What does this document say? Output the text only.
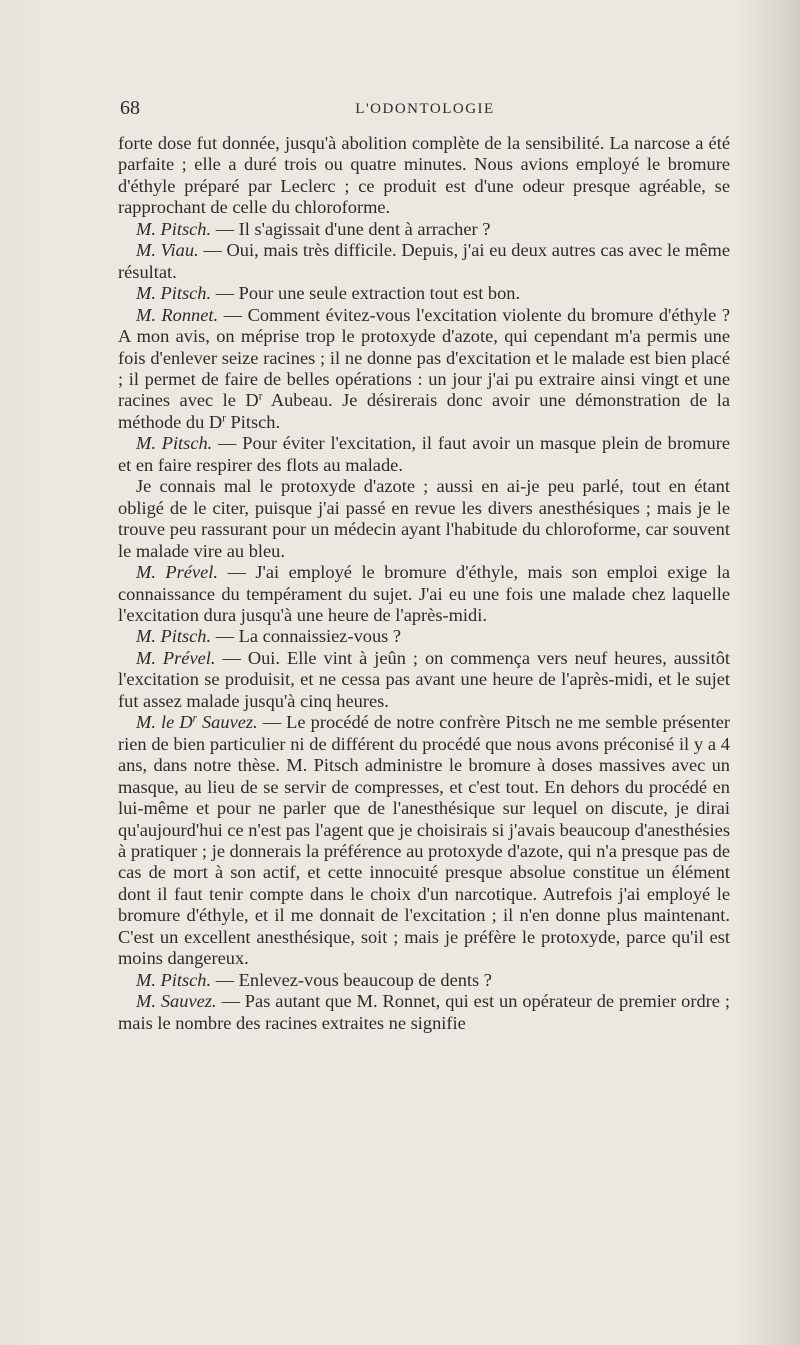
68	L'ODONTOLOGIE

forte dose fut donnée, jusqu'à abolition complète de la sensibilité. La narcose a été parfaite ; elle a duré trois ou quatre minutes. Nous avions employé le bromure d'éthyle préparé par Leclerc ; ce produit est d'une odeur presque agréable, se rapprochant de celle du chloroforme.

M. Pitsch. — Il s'agissait d'une dent à arracher ?

M. Viau. — Oui, mais très difficile. Depuis, j'ai eu deux autres cas avec le même résultat.

M. Pitsch. — Pour une seule extraction tout est bon.

M. Ronnet. — Comment évitez-vous l'excitation violente du bromure d'éthyle ? A mon avis, on méprise trop le protoxyde d'azote, qui cependant m'a permis une fois d'enlever seize racines ; il ne donne pas d'excitation et le malade est bien placé ; il permet de faire de belles opérations : un jour j'ai pu extraire ainsi vingt et une racines avec le $D^r$ Aubeau. Je désirerais donc avoir une démonstration de la méthode du $D^r$ Pitsch.

M. Pitsch. — Pour éviter l'excitation, il faut avoir un masque plein de bromure et en faire respirer des flots au malade.

Je connais mal le protoxyde d'azote ; aussi en ai-je peu parlé, tout en étant obligé de le citer, puisque j'ai passé en revue les divers anesthésiques ; mais je le trouve peu rassurant pour un médecin ayant l'habitude du chloroforme, car souvent le malade vire au bleu.

M. Prével. — J'ai employé le bromure d'éthyle, mais son emploi exige la connaissance du tempérament du sujet. J'ai eu une fois une malade chez laquelle l'excitation dura jusqu'à une heure de l'après-midi.

M. Pitsch. — La connaissiez-vous ?

M. Prével. — Oui. Elle vint à jeûn ; on commença vers neuf heures, aussitôt l'excitation se produisit, et ne cessa pas avant une heure de l'après-midi, et le sujet fut assez malade jusqu'à cinq heures.

M. le $D^r$ Sauvez. — Le procédé de notre confrère Pitsch ne me semble présenter rien de bien particulier ni de différent du procédé que nous avons préconisé il y a 4 ans, dans notre thèse. M. Pitsch administre le bromure à doses massives avec un masque, au lieu de se servir de compresses, et c'est tout. En dehors du procédé en lui-même et pour ne parler que de l'anesthésique sur lequel on discute, je dirai qu'aujourd'hui ce n'est pas l'agent que je choisirais si j'avais beaucoup d'anesthésies à pratiquer ; je donnerais la préférence au protoxyde d'azote, qui n'a presque pas de cas de mort à son actif, et cette innocuité presque absolue constitue un élément dont il faut tenir compte dans le choix d'un narcotique. Autrefois j'ai employé le bromure d'éthyle, et il me donnait de l'excitation ; il n'en donne plus maintenant. C'est un excellent anesthésique, soit ; mais je préfère le protoxyde, parce qu'il est moins dangereux.

M. Pitsch. — Enlevez-vous beaucoup de dents ?

M. Sauvez. — Pas autant que M. Ronnet, qui est un opérateur de premier ordre ; mais le nombre des racines extraites ne signifie
